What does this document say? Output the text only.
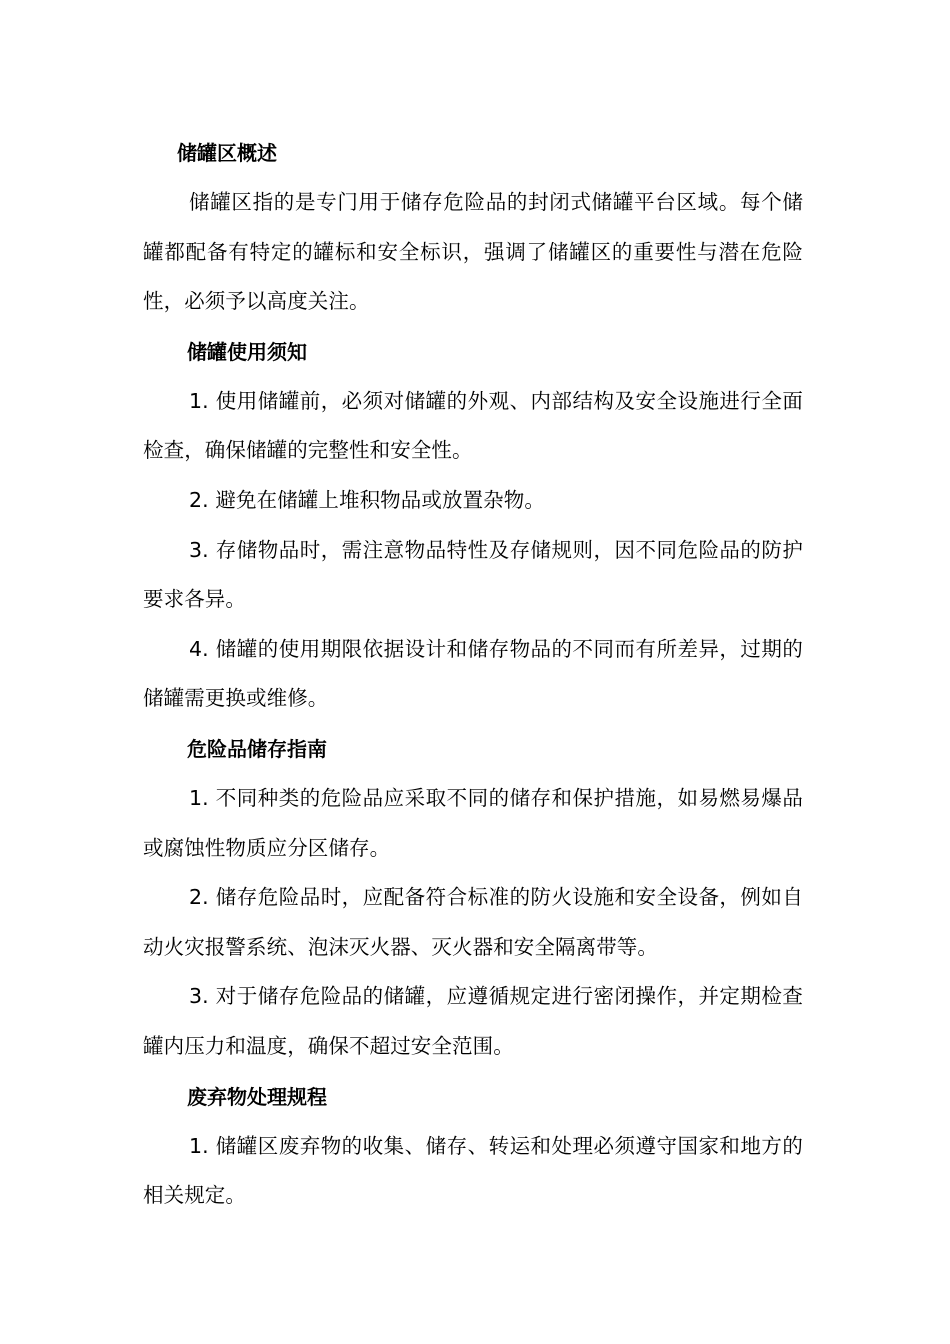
储罐区概述

储罐区指的是专门用于储存危险品的封闭式储罐平台区域。每个储罐都配备有特定的罐标和安全标识，强调了储罐区的重要性与潜在危险性，必须予以高度关注。

储罐使用须知

1. 使用储罐前，必须对储罐的外观、内部结构及安全设施进行全面检查，确保储罐的完整性和安全性。

2. 避免在储罐上堆积物品或放置杂物。

3. 存储物品时，需注意物品特性及存储规则，因不同危险品的防护要求各异。

4. 储罐的使用期限依据设计和储存物品的不同而有所差异，过期的储罐需更换或维修。

危险品储存指南

1. 不同种类的危险品应采取不同的储存和保护措施，如易燃易爆品或腐蚀性物质应分区储存。

2. 储存危险品时，应配备符合标准的防火设施和安全设备，例如自动火灾报警系统、泡沫灭火器、灭火器和安全隔离带等。

3. 对于储存危险品的储罐，应遵循规定进行密闭操作，并定期检查罐内压力和温度，确保不超过安全范围。

废弃物处理规程

1. 储罐区废弃物的收集、储存、转运和处理必须遵守国家和地方的相关规定。
